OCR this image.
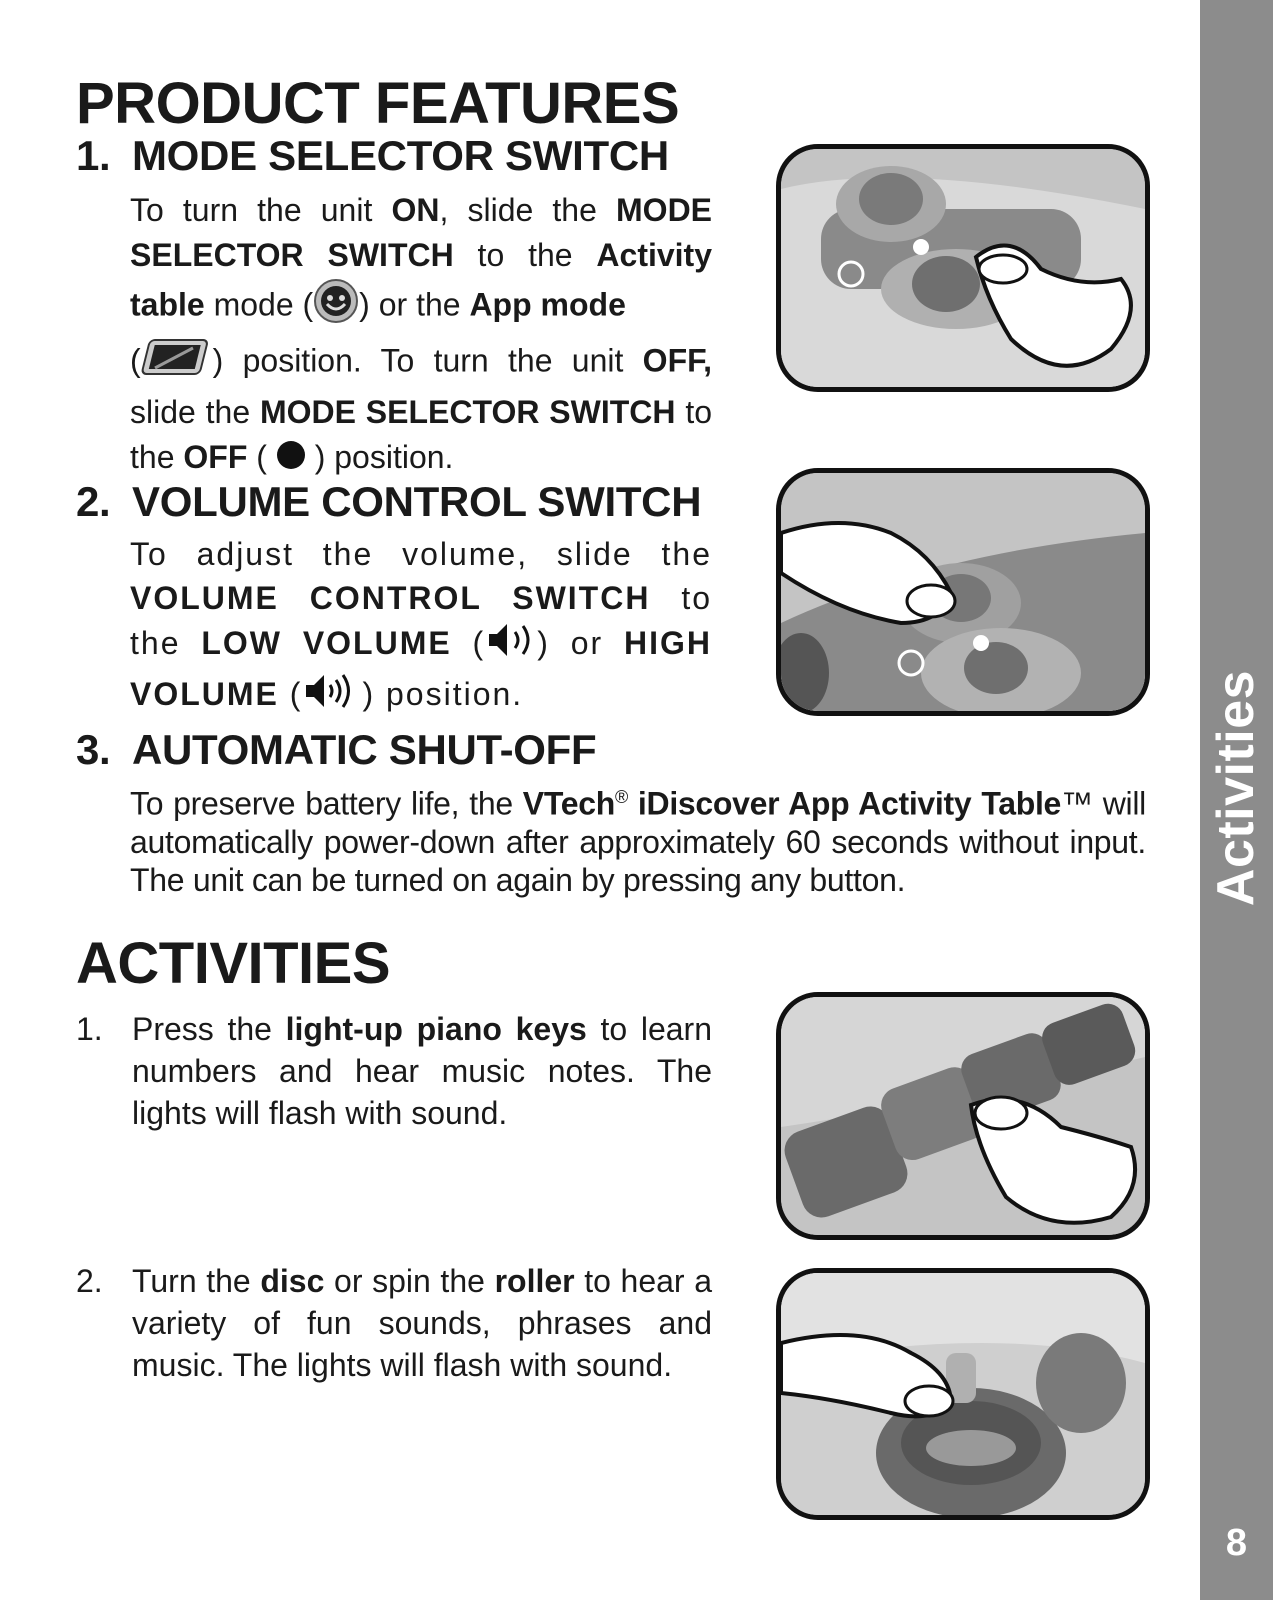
Activities
8
PRODUCT FEATURES
1. MODE SELECTOR SWITCH

To turn the unit ON, slide the MODE SELECTOR SWITCH to the Activity table mode ( ) or the App mode
( ) position. To turn the unit OFF, slide the MODE SELECTOR SWITCH to the OFF ( ) position.

2. VOLUME CONTROL SWITCH

To adjust the volume, slide the VOLUME CONTROL SWITCH to the LOW VOLUME ( ) or HIGH VOLUME ( ) position.

3. AUTOMATIC SHUT-OFF

To preserve battery life, the VTech® iDiscover App Activity Table™ will automatically power-down after approximately 60 seconds without input. The unit can be turned on again by pressing any button.

ACTIVITIES
1. Press the light-up piano keys to learn numbers and hear music notes. The lights will flash with sound.

2. Turn the disc or spin the roller to hear a variety of fun sounds, phrases and music. The lights will flash with sound.
